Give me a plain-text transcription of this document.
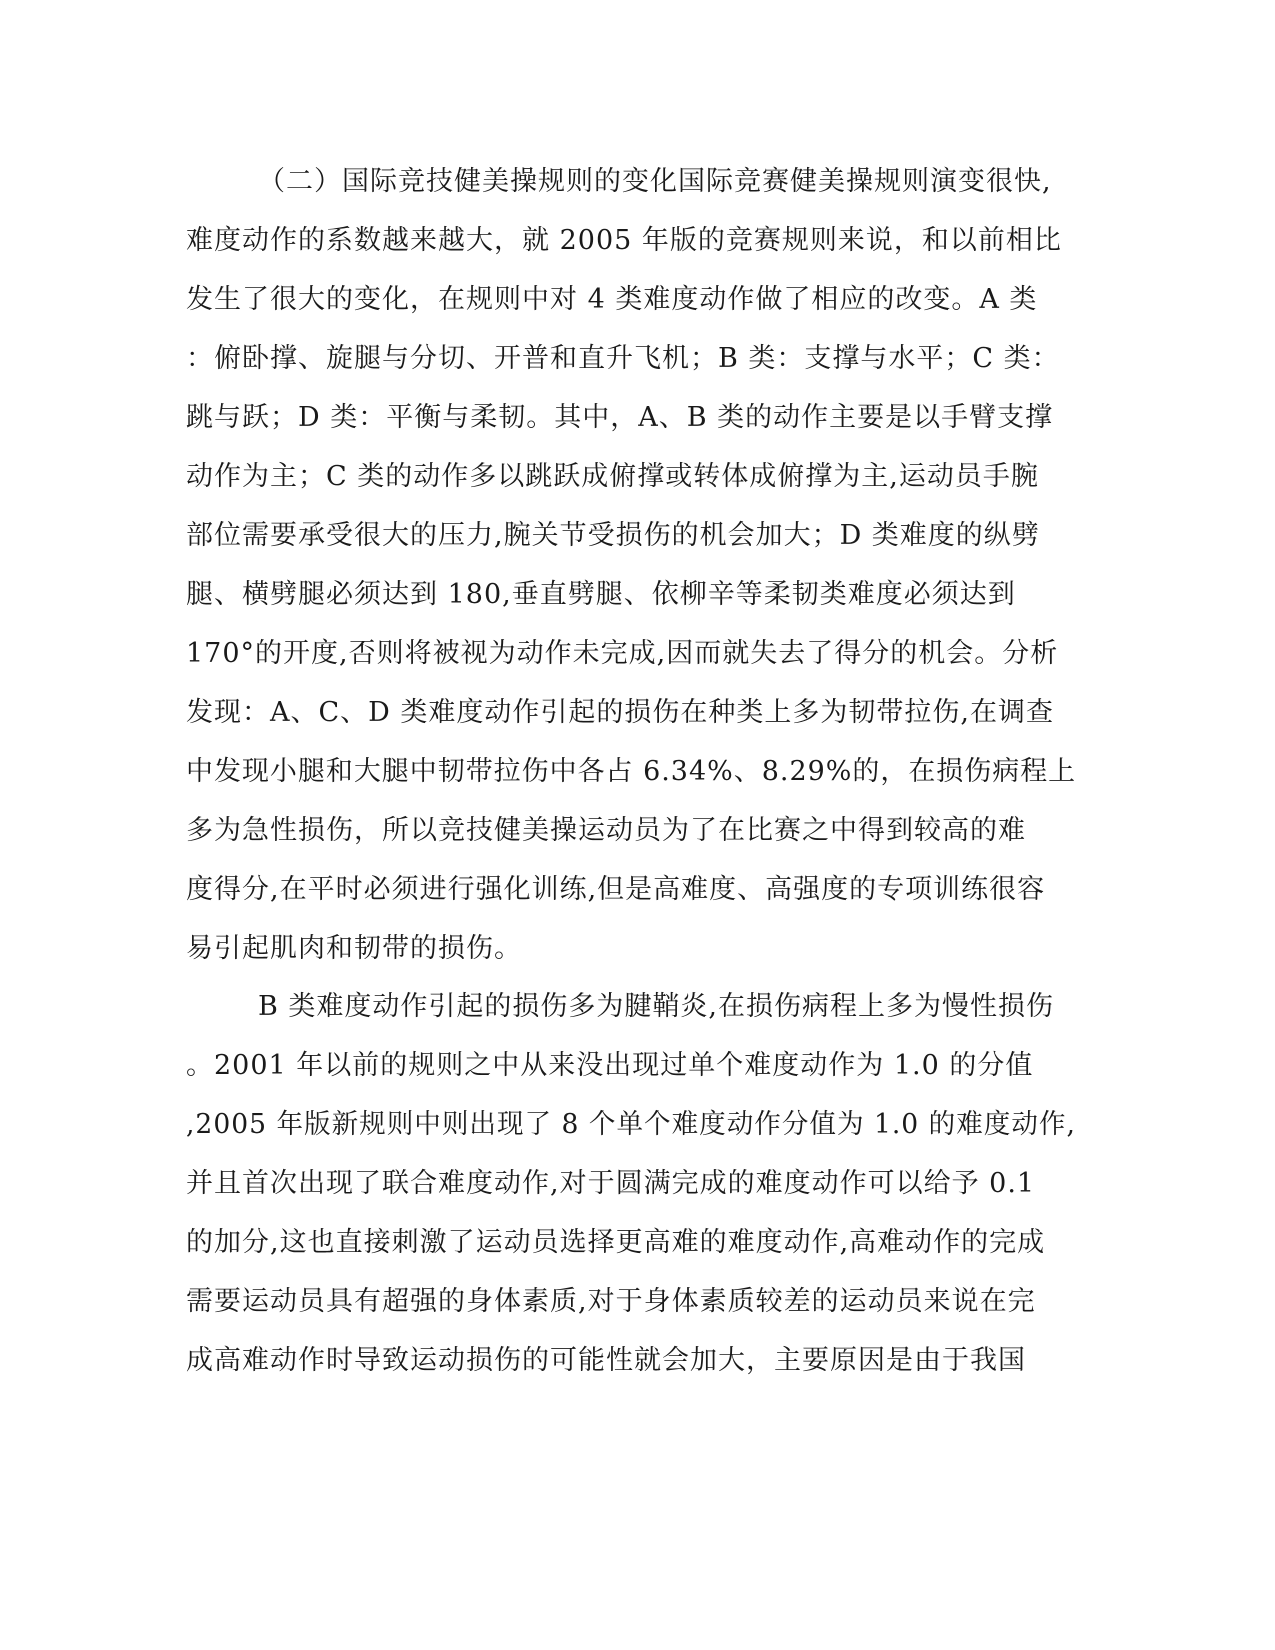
（二）国际竞技健美操规则的变化国际竞赛健美操规则演变很快,
难度动作的系数越来越大，就 2005 年版的竞赛规则来说，和以前相比
发生了很大的变化，在规则中对 4 类难度动作做了相应的改变。A 类
：俯卧撑、旋腿与分切、开普和直升飞机；B 类：支撑与水平；C 类：
跳与跃；D 类：平衡与柔韧。其中，A、B 类的动作主要是以手臂支撑
动作为主；C 类的动作多以跳跃成俯撑或转体成俯撑为主,运动员手腕
部位需要承受很大的压力,腕关节受损伤的机会加大；D 类难度的纵劈
腿、横劈腿必须达到 180,垂直劈腿、依柳辛等柔韧类难度必须达到
170°的开度,否则将被视为动作未完成,因而就失去了得分的机会。分析
发现：A、C、D 类难度动作引起的损伤在种类上多为韧带拉伤,在调查
中发现小腿和大腿中韧带拉伤中各占 6.34%、8.29%的，在损伤病程上
多为急性损伤，所以竞技健美操运动员为了在比赛之中得到较高的难
度得分,在平时必须进行强化训练,但是高难度、高强度的专项训练很容
易引起肌肉和韧带的损伤。
B 类难度动作引起的损伤多为腱鞘炎,在损伤病程上多为慢性损伤
。2001 年以前的规则之中从来没出现过单个难度动作为 1.0 的分值
,2005 年版新规则中则出现了 8 个单个难度动作分值为 1.0 的难度动作,
并且首次出现了联合难度动作,对于圆满完成的难度动作可以给予 0.1
的加分,这也直接刺激了运动员选择更高难的难度动作,高难动作的完成
需要运动员具有超强的身体素质,对于身体素质较差的运动员来说在完
成高难动作时导致运动损伤的可能性就会加大，主要原因是由于我国
